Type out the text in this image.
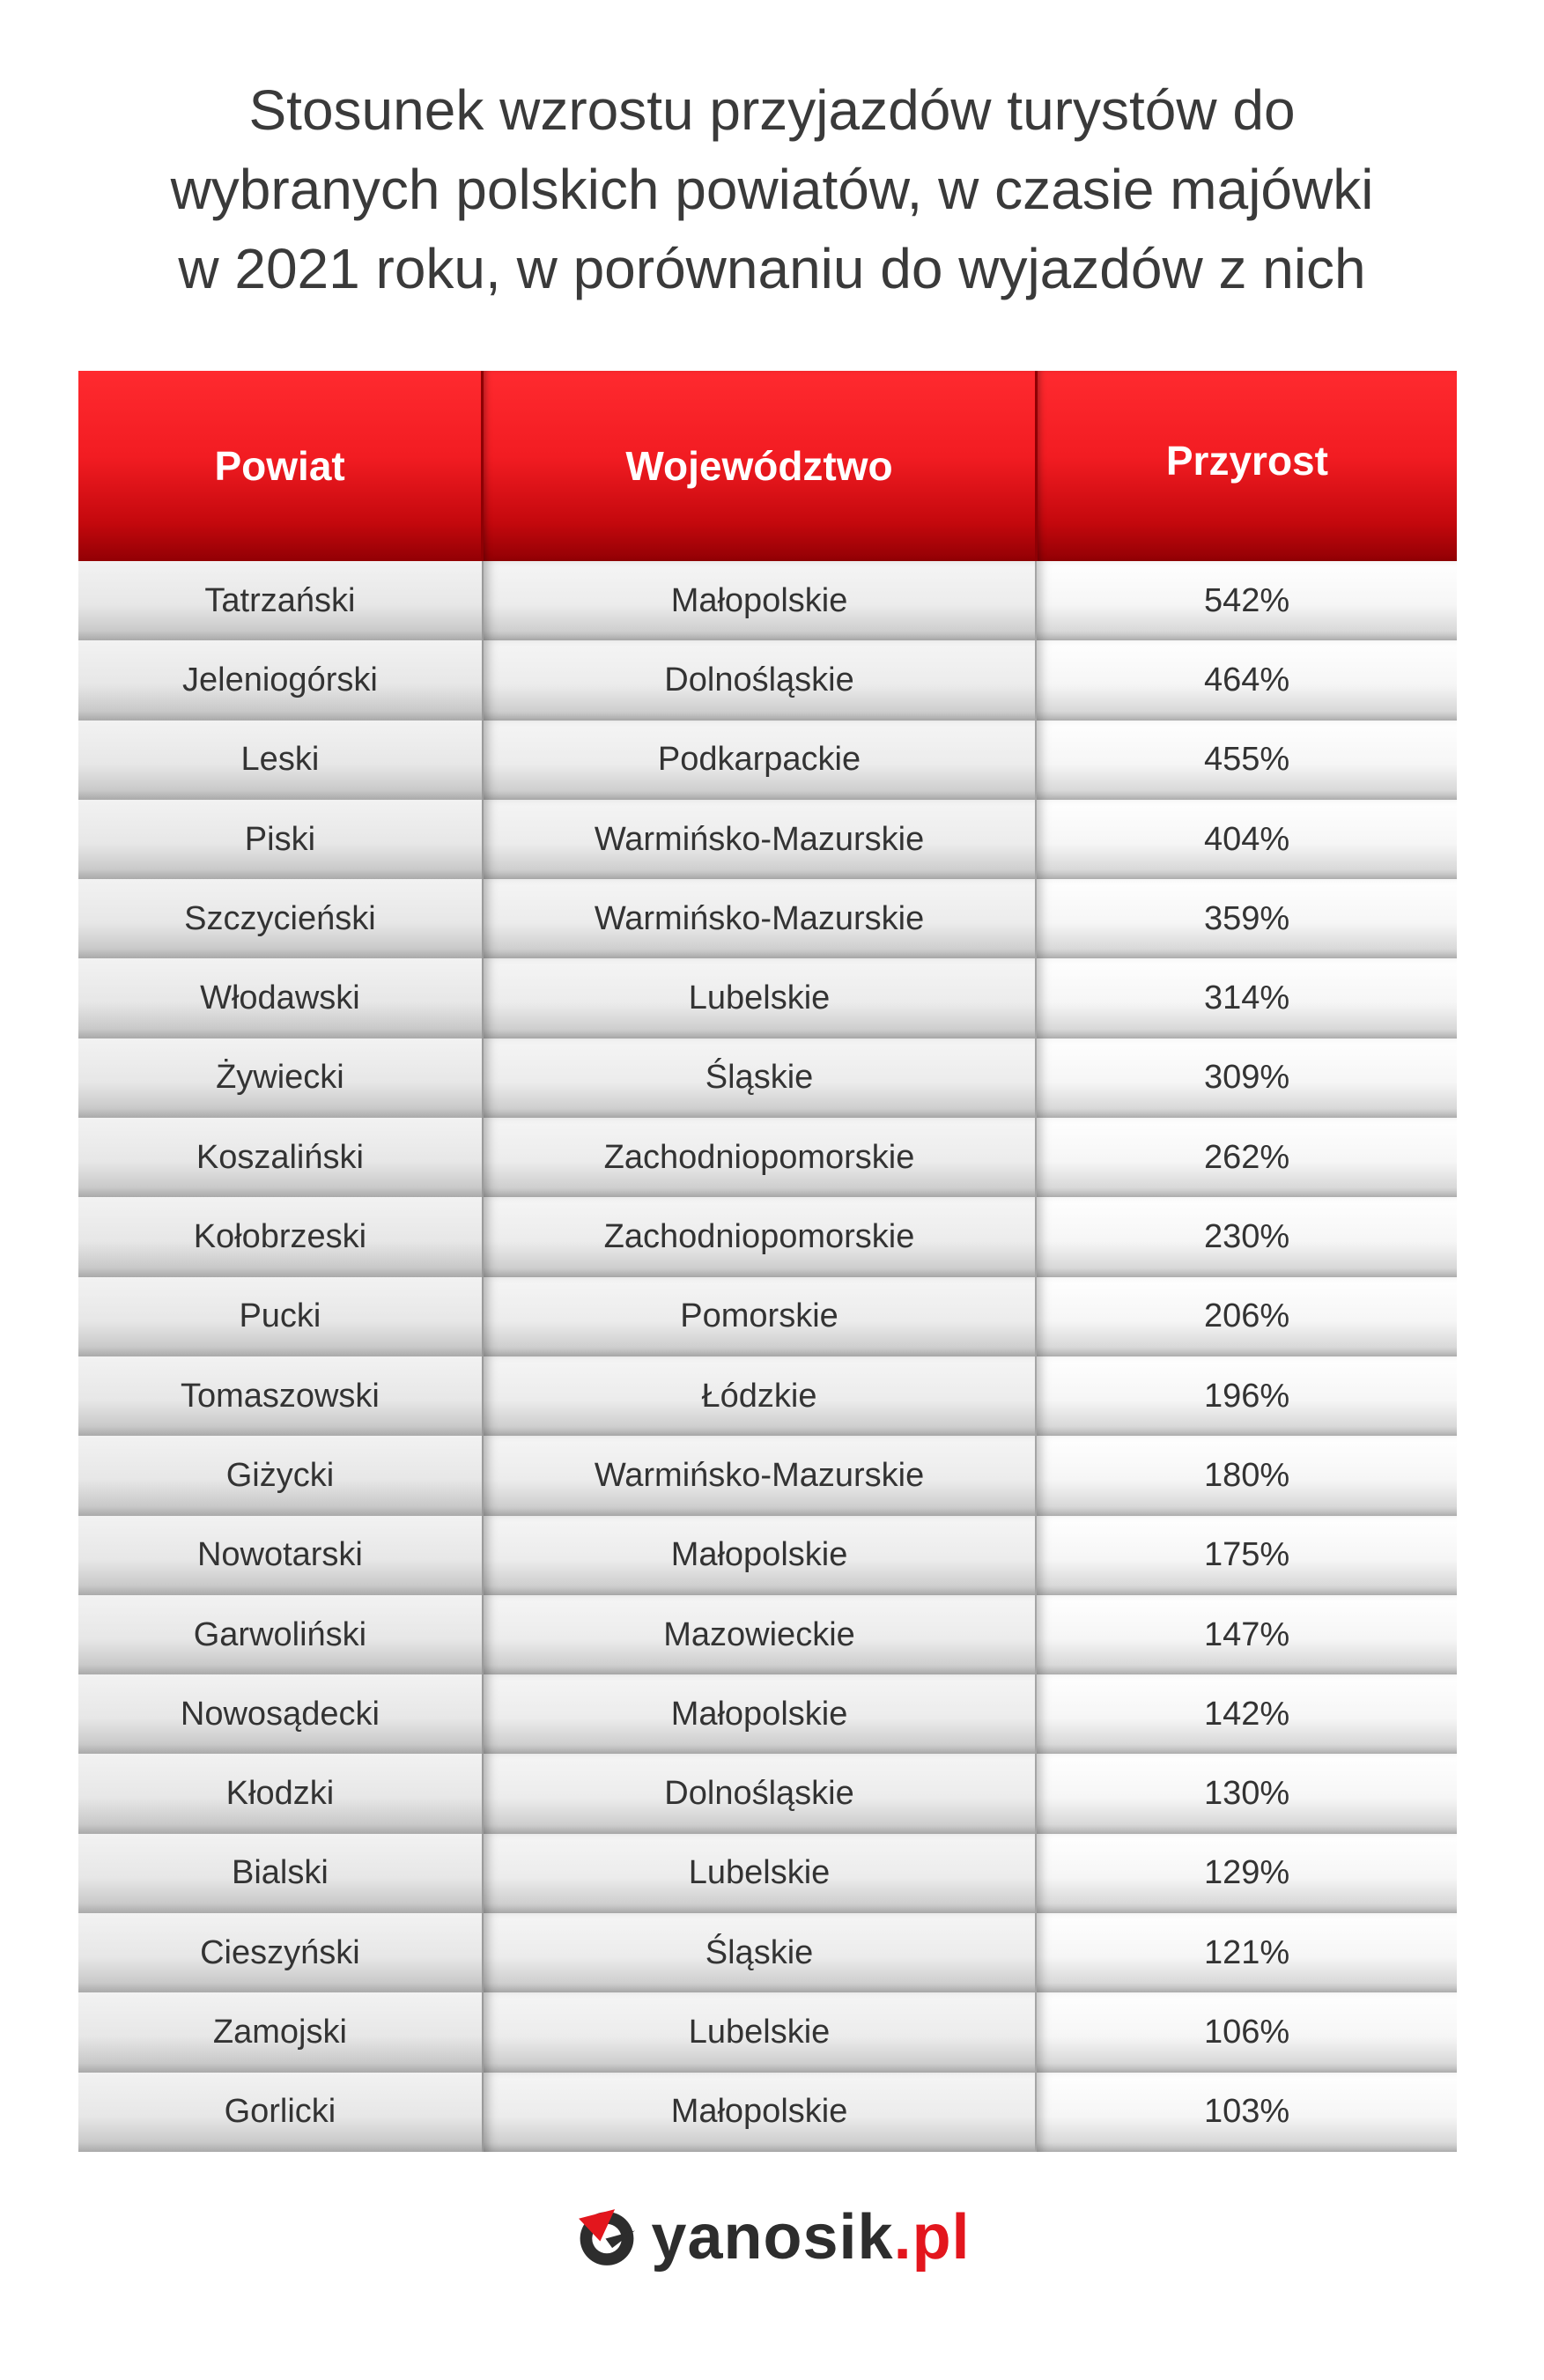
Stosunek wzrostu przyjazdów turystów do
wybranych polskich powiatów, w czasie majówki
w 2021 roku, w porównaniu do wyjazdów z nich
Powiat	Województwo	Przyrost
Tatrzański	Małopolskie	542%
Jeleniogórski	Dolnośląskie	464%
Leski	Podkarpackie	455%
Piski	Warmińsko-Mazurskie	404%
Szczycieński	Warmińsko-Mazurskie	359%
Włodawski	Lubelskie	314%
Żywiecki	Śląskie	309%
Koszaliński	Zachodniopomorskie	262%
Kołobrzeski	Zachodniopomorskie	230%
Pucki	Pomorskie	206%
Tomaszowski	Łódzkie	196%
Giżycki	Warmińsko-Mazurskie	180%
Nowotarski	Małopolskie	175%
Garwoliński	Mazowieckie	147%
Nowosądecki	Małopolskie	142%
Kłodzki	Dolnośląskie	130%
Bialski	Lubelskie	129%
Cieszyński	Śląskie	121%
Zamojski	Lubelskie	106%
Gorlicki	Małopolskie	103%
yanosik.pl
